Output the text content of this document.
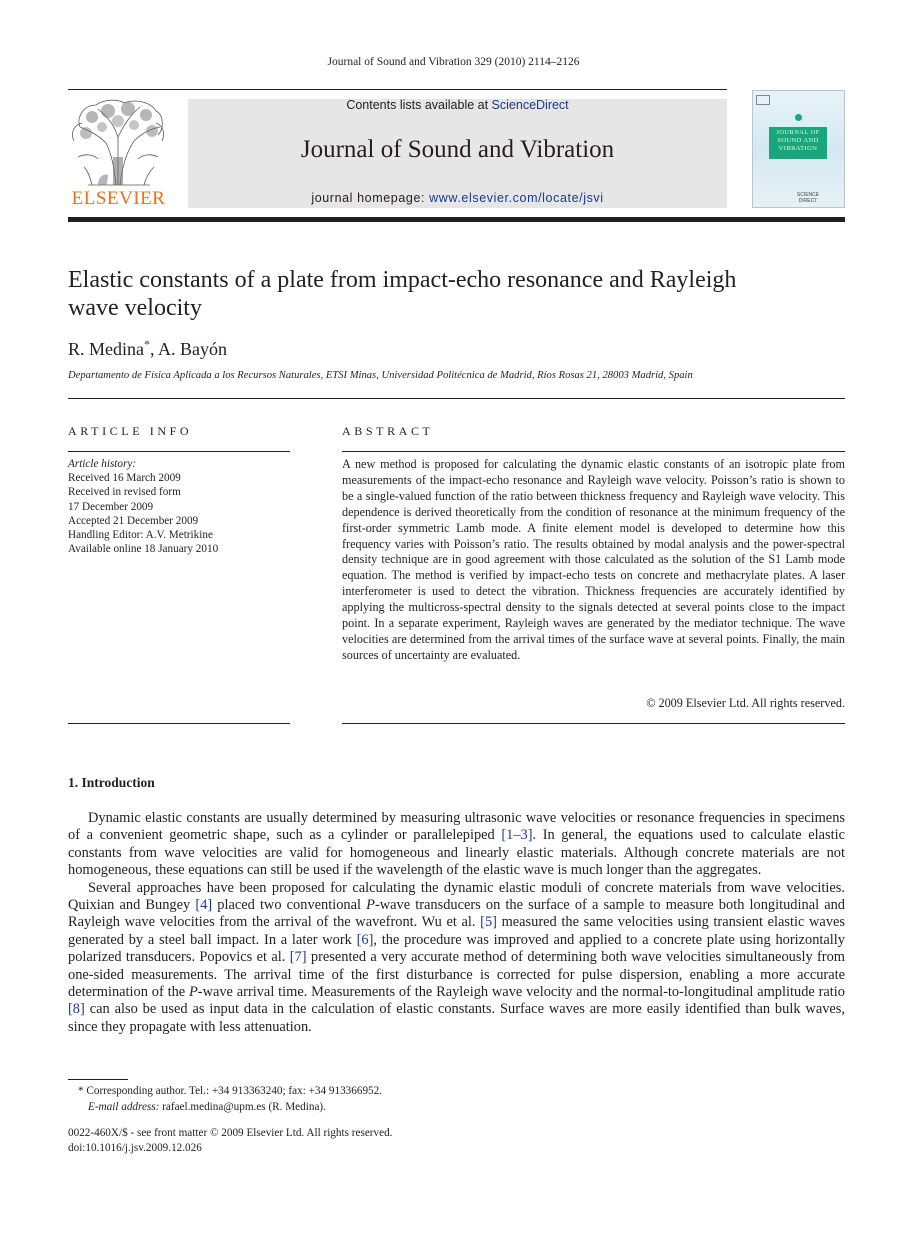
Journal of Sound and Vibration 329 (2010) 2114–2126
ELSEVIER
Contents lists available at ScienceDirect
Journal of Sound and Vibration
journal homepage: www.elsevier.com/locate/jsvi
JOURNAL OF SOUND AND VIBRATION
SCIENCE DIRECT
Elastic constants of a plate from impact-echo resonance and Rayleigh
wave velocity
R. Medina*, A. Bayón
Departamento de Física Aplicada a los Recursos Naturales, ETSI Minas, Universidad Politécnica de Madrid, Ríos Rosas 21, 28003 Madrid, Spain
ARTICLE INFO
Article history:
Received 16 March 2009
Received in revised form
17 December 2009
Accepted 21 December 2009
Handling Editor: A.V. Metrikine
Available online 18 January 2010
ABSTRACT
A new method is proposed for calculating the dynamic elastic constants of an isotropic plate from measurements of the impact-echo resonance and Rayleigh wave velocity. Poisson’s ratio is shown to be a single-valued function of the ratio between thickness frequency and Rayleigh wave velocity. This dependence is derived theoretically from the condition of resonance at the minimum frequency of the first-order symmetric Lamb mode. A finite element model is developed to determine how this frequency varies with Poisson’s ratio. The results obtained by modal analysis and the power-spectral density technique are in good agreement with those calculated as the solution of the S1 Lamb mode equation. The method is verified by impact-echo tests on concrete and methacrylate plates. A laser interferometer is used to detect the vibration. Thickness frequencies are accurately identified by applying the multicross-spectral density to the signals detected at several points close to the impact point. In a separate experiment, Rayleigh waves are generated by the mediator technique. The wave velocities are determined from the arrival times of the surface wave at several points. Finally, the main sources of uncertainty are evaluated.
© 2009 Elsevier Ltd. All rights reserved.
1. Introduction

Dynamic elastic constants are usually determined by measuring ultrasonic wave velocities or resonance frequencies in specimens of a convenient geometric shape, such as a cylinder or parallelepiped [1–3]. In general, the equations used to calculate elastic constants from wave velocities are valid for homogeneous and linearly elastic materials. Although concrete materials are not homogeneous, these equations can still be used if the wavelength of the elastic wave is much longer than the aggregates.

Several approaches have been proposed for calculating the dynamic elastic moduli of concrete materials from wave velocities. Quixian and Bungey [4] placed two conventional P-wave transducers on the surface of a sample to measure both longitudinal and Rayleigh wave velocities from the arrival of the wavefront. Wu et al. [5] measured the same velocities using transient elastic waves generated by a steel ball impact. In a later work [6], the procedure was improved and applied to a concrete plate using horizontally polarized transducers. Popovics et al. [7] presented a very accurate method of determining both wave velocities simultaneously from one-sided measurements. The arrival time of the first disturbance is corrected for pulse dispersion, enabling a more accurate determination of the P-wave arrival time. Measurements of the Rayleigh wave velocity and the normal-to-longitudinal amplitude ratio [8] can also be used as input data in the calculation of elastic constants. Surface waves are more easily identified than bulk waves, since they propagate with less attenuation.

* Corresponding author. Tel.: +34 913363240; fax: +34 913366952.
E-mail address: rafael.medina@upm.es (R. Medina).
0022-460X/$ - see front matter © 2009 Elsevier Ltd. All rights reserved.
doi:10.1016/j.jsv.2009.12.026
